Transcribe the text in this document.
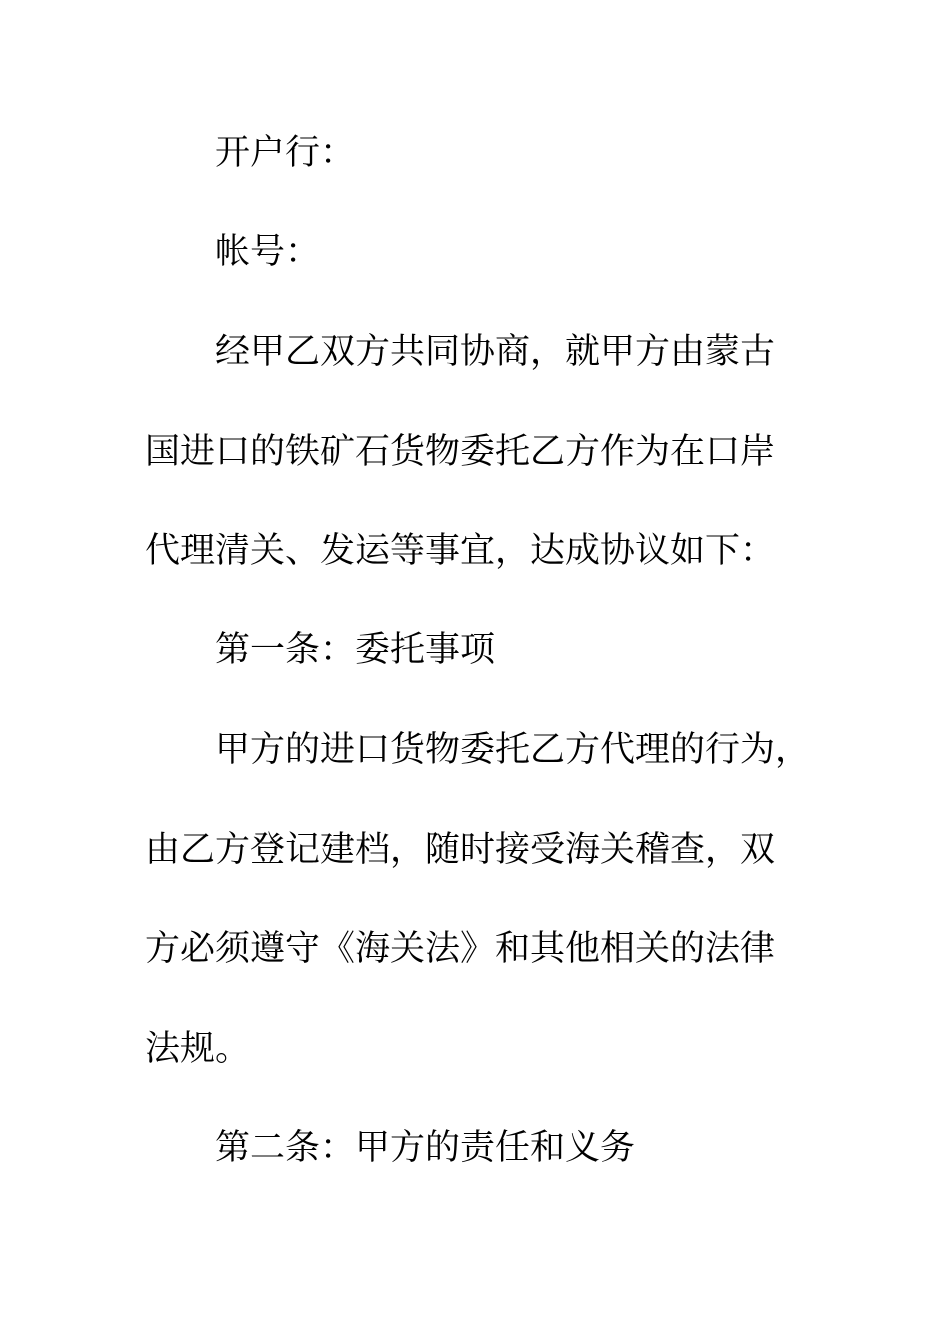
开户行：
帐号：
经甲乙双方共同协商，就甲方由蒙古
国进口的铁矿石货物委托乙方作为在口岸
代理清关、发运等事宜，达成协议如下：
第一条：委托事项
甲方的进口货物委托乙方代理的行为，
由乙方登记建档，随时接受海关稽查，双
方必须遵守《海关法》和其他相关的法律
法规。
第二条：甲方的责任和义务
